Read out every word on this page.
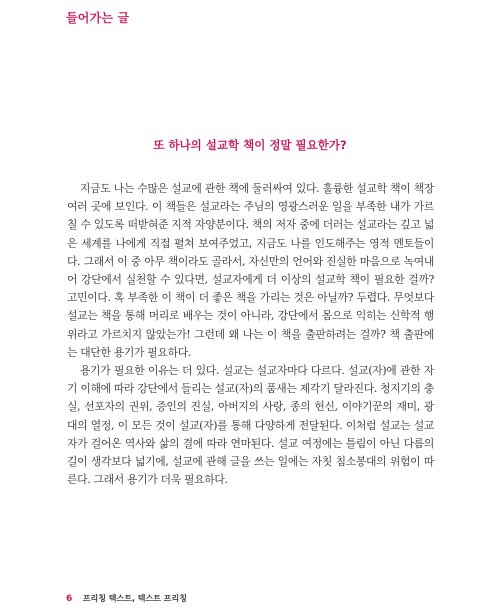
들어가는 글
또 하나의 설교학 책이 정말 필요한가?

지금도 나는 수많은 설교에 관한 책에 둘러싸여 있다. 훌륭한 설교학 책이 책장 여러 곳에 보인다. 이 책들은 설교라는 주님의 영광스러운 일을 부족한 내가 가르칠 수 있도록 떠받혀준 지적 자양분이다. 책의 저자 중에 더러는 설교라는 깊고 넓은 세계를 나에게 직접 펼쳐 보여주었고, 지금도 나를 인도해주는 영적 멘토들이다. 그래서 이 중 아무 책이라도 골라서, 자신만의 언어와 진실한 마음으로 녹여내어 강단에서 실천할 수 있다면, 설교자에게 더 이상의 설교학 책이 필요한 걸까? 고민이다. 혹 부족한 이 책이 더 좋은 책을 가리는 것은 아닐까? 두렵다. 무엇보다 설교는 책을 통해 머리로 배우는 것이 아니라, 강단에서 몸으로 익히는 신학적 행위라고 가르치지 않았는가! 그런데 왜 나는 이 책을 출판하려는 걸까? 책 출판에는 대단한 용기가 필요하다.

용기가 필요한 이유는 더 있다. 설교는 설교자마다 다르다. 설교(자)에 관한 자기 이해에 따라 강단에서 들리는 설교(자)의 품새는 제각기 달라진다. 청지기의 충실, 선포자의 권위, 증인의 진실, 아버지의 사랑, 종의 헌신, 이야기꾼의 재미, 광대의 열정, 이 모든 것이 설교(자)를 통해 다양하게 전달된다. 이처럼 설교는 설교자가 걸어온 역사와 삶의 결에 따라 연마된다. 설교 여정에는 틀림이 아닌 다름의 길이 생각보다 넓기에, 설교에 관해 글을 쓰는 일에는 자칫 침소봉대의 위험이 따른다. 그래서 용기가 더욱 필요하다.

6 프리칭 텍스트, 텍스트 프리칭
